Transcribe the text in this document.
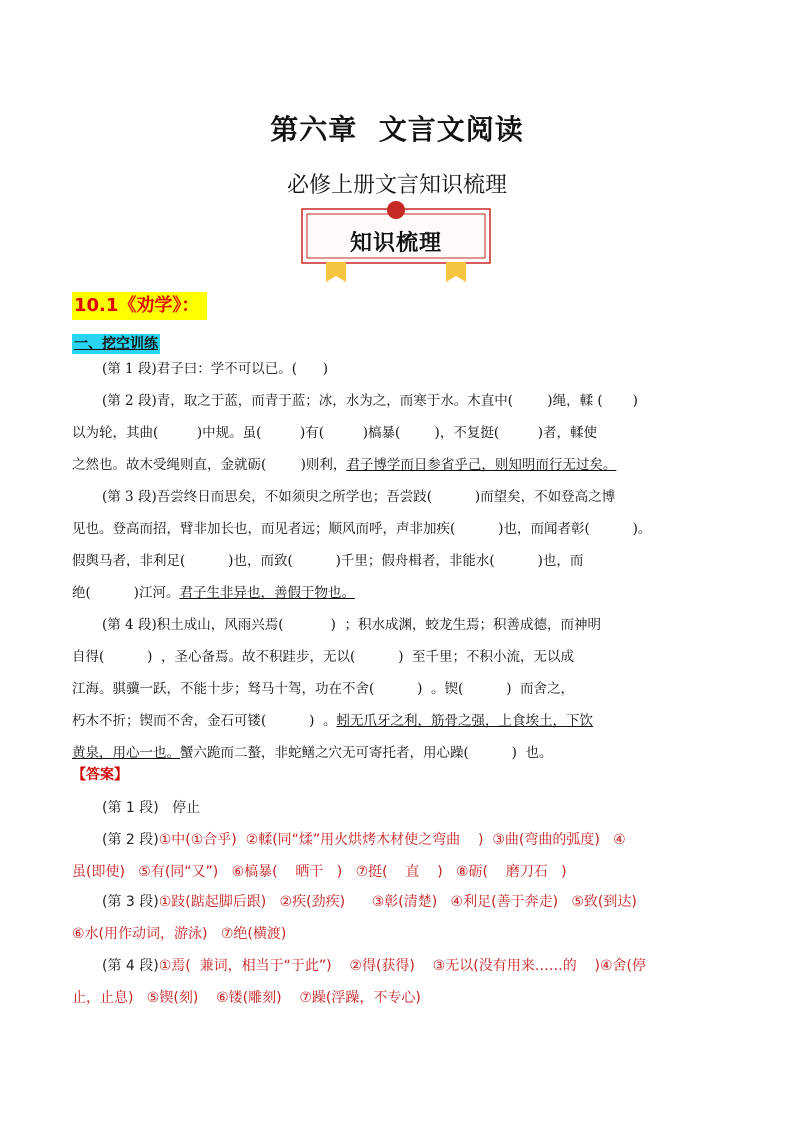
第六章  文言文阅读
必修上册文言知识梳理
知识梳理
10.1《劝学》：
一、挖空训练
(第 1 段)君子曰：学不可以已。(      )
(第 2 段)青，取之于蓝，而青于蓝；冰，水为之，而寒于水。木直中(        )绳，輮 (       )
以为轮，其曲(         )中规。虽(         )有(         )槁暴(        )，不复挺(         )者，輮使
之然也。故木受绳则直，金就砺(        )则利，君子博学而日参省乎己，则知明而行无过矣。
(第 3 段)吾尝终日而思矣，不如须臾之所学也；吾尝跂(          )而望矣，不如登高之博
见也。登高而招，臂非加长也，而见者远；顺风而呼，声非加疾(          )也，而闻者彰(          )。
假舆马者，非利足(          )也，而致(          )千里；假舟楫者，非能水(          )也，而
绝(          )江河。君子生非异也，善假于物也。
(第 4 段)积土成山，风雨兴焉(           )  ；积水成渊，蛟龙生焉；积善成德，而神明
自得(          )  ，圣心备焉。故不积跬步，无以(          )  至千里；不积小流，无以成
江海。骐骥一跃，不能十步；驽马十驾，功在不舍(          )  。锲(          )  而舍之，
朽木不折；锲而不舍，金石可镂(          )  。蚓无爪牙之利，筋骨之强，上食埃土，下饮
黄泉，用心一也。蟹六跪而二螯，非蛇鳝之穴无可寄托者，用心躁(          )  也。
【答案】
(第 1 段)   停止
(第 2 段)①中(①合乎)  ②輮(同“煣”用火烘烤木材使之弯曲    )  ③曲(弯曲的弧度)   ④
虽(即使)   ⑤有(同“又”)   ⑥槁暴(    晒干   )   ⑦挺(    直    )   ⑧砺(    磨刀石   )
(第 3 段)①跂(踮起脚后跟)   ②疾(劲疾)      ③彰(清楚)   ④利足(善于奔走)   ⑤致(到达)
⑥水(用作动词，游泳)   ⑦绝(横渡)
(第 4 段)①焉(  兼词，相当于“于此”)    ②得(获得)    ③无以(没有用来……的    )④舍(停
止，止息)   ⑤锲(刻)    ⑥镂(雕刻)    ⑦躁(浮躁，不专心)
